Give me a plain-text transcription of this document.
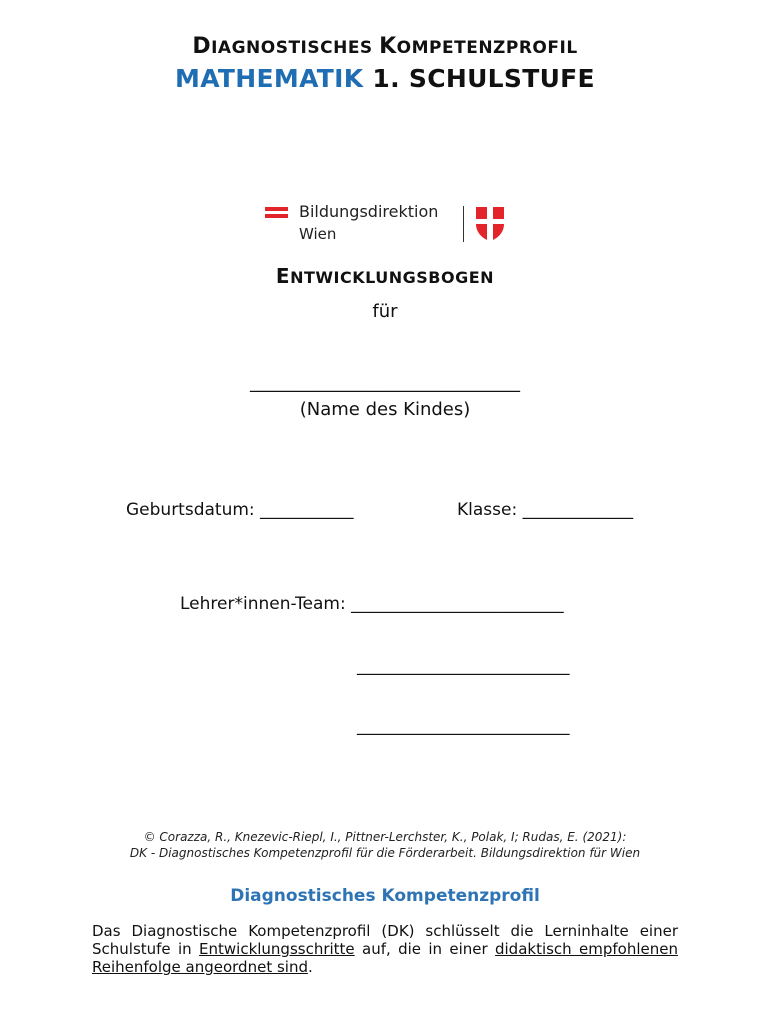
DIAGNOSTISCHES KOMPETENZPROFIL
MATHEMATIK 1. SCHULSTUFE
Bildungsdirektion
Wien
ENTWICKLUNGSBOGEN
für
______________________________
(Name des Kindes)
Geburtsdatum: ___________	Klasse: _____________
Lehrer*innen-Team: _________________________
_________________________
_________________________
© Corazza, R., Knezevic-Riepl, I., Pittner-Lerchster, K., Polak, I; Rudas, E. (2021):
DK - Diagnostisches Kompetenzprofil für die Förderarbeit. Bildungsdirektion für Wien
Diagnostisches Kompetenzprofil
Das Diagnostische Kompetenzprofil (DK) schlüsselt die Lerninhalte einer Schulstufe in Entwicklungsschritte auf, die in einer didaktisch empfohlenen Reihenfolge angeordnet sind.
